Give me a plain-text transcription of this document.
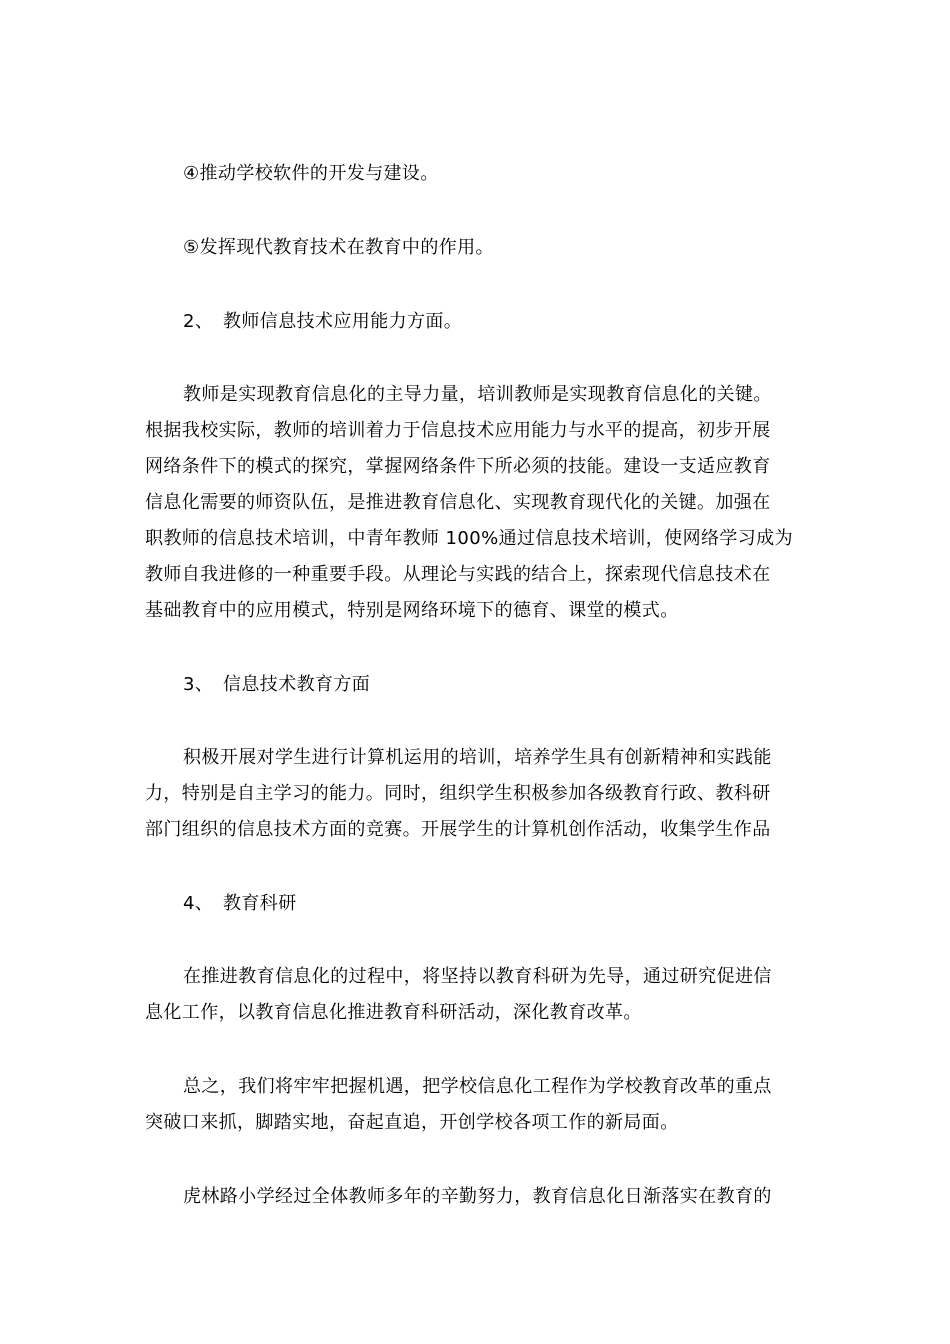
④推动学校软件的开发与建设。
⑤发挥现代教育技术在教育中的作用。
2、 教师信息技术应用能力方面。
教师是实现教育信息化的主导力量，培训教师是实现教育信息化的关键。
根据我校实际，教师的培训着力于信息技术应用能力与水平的提高，初步开展
网络条件下的模式的探究，掌握网络条件下所必须的技能。建设一支适应教育
信息化需要的师资队伍，是推进教育信息化、实现教育现代化的关键。加强在
职教师的信息技术培训，中青年教师 100%通过信息技术培训，使网络学习成为
教师自我进修的一种重要手段。从理论与实践的结合上，探索现代信息技术在
基础教育中的应用模式，特别是网络环境下的德育、课堂的模式。
3、 信息技术教育方面
积极开展对学生进行计算机运用的培训，培养学生具有创新精神和实践能
力，特别是自主学习的能力。同时，组织学生积极参加各级教育行政、教科研
部门组织的信息技术方面的竞赛。开展学生的计算机创作活动，收集学生作品
4、 教育科研
在推进教育信息化的过程中，将坚持以教育科研为先导，通过研究促进信
息化工作，以教育信息化推进教育科研活动，深化教育改革。
总之，我们将牢牢把握机遇，把学校信息化工程作为学校教育改革的重点
突破口来抓，脚踏实地，奋起直追，开创学校各项工作的新局面。
虎林路小学经过全体教师多年的辛勤努力，教育信息化日渐落实在教育的
